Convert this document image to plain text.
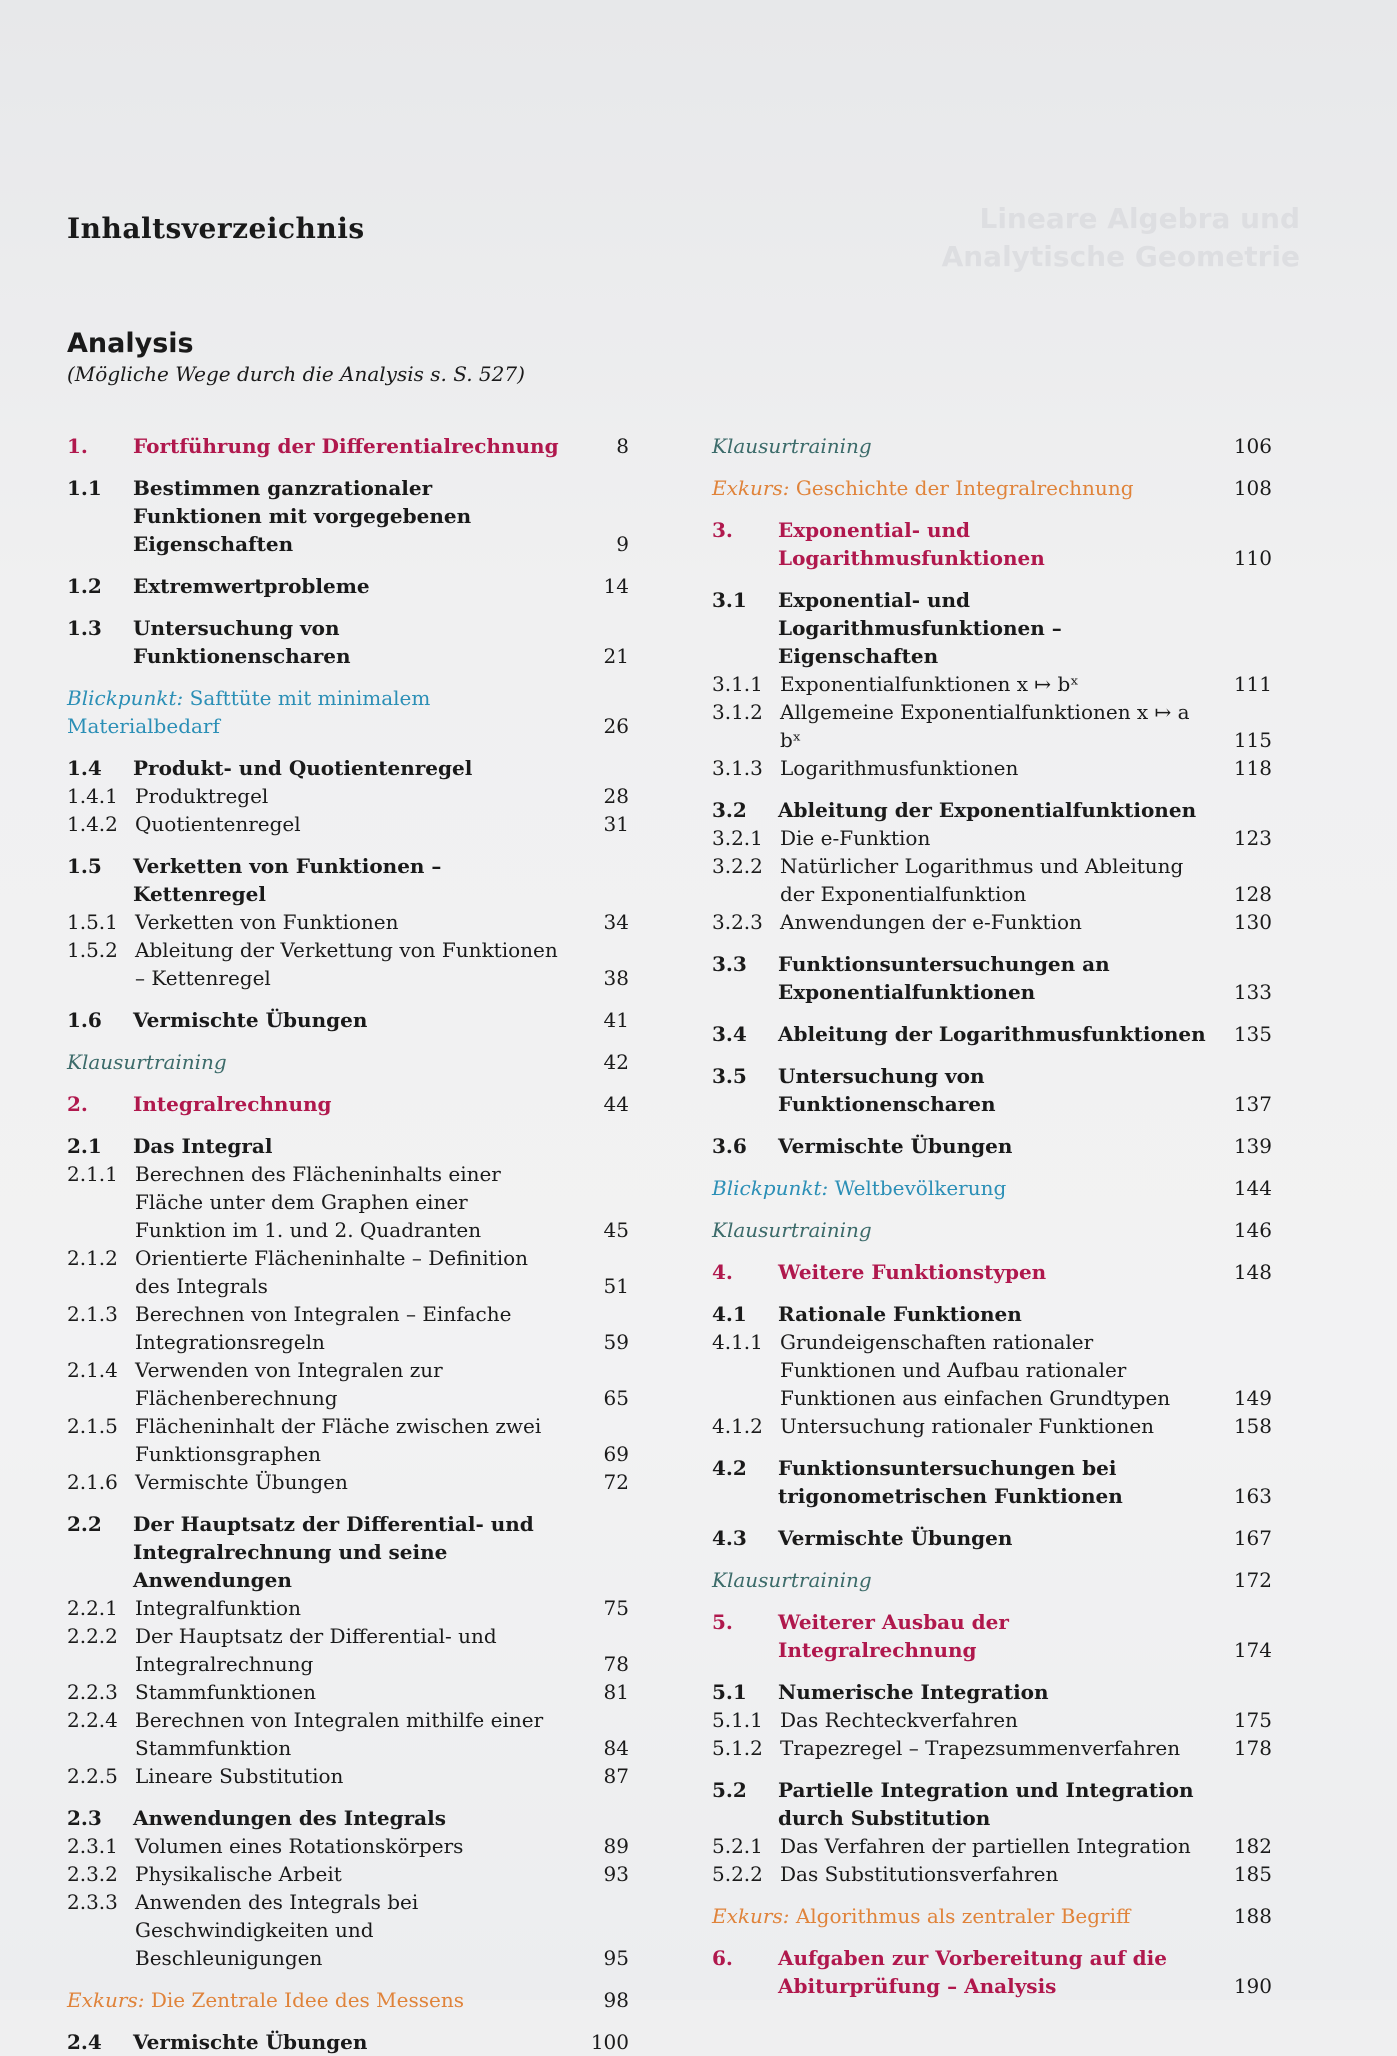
Lineare Algebra und
Analytische Geometrie
Inhaltsverzeichnis
Analysis
(Mögliche Wege durch die Analysis s. S. 527)
1.	Fortführung der Differentialrechnung	8
1.1	Bestimmen ganzrationaler Funktionen mit vorgegebenen Eigenschaften	9
1.2	Extremwertprobleme	14
1.3	Untersuchung von Funktionenscharen	21
Blickpunkt: Safttüte mit minimalem Materialbedarf	26
1.4	Produkt- und Quotientenregel
1.4.1 Produktregel	28
1.4.2 Quotientenregel	31
1.5	Verketten von Funktionen – Kettenregel
1.5.1 Verketten von Funktionen	34
1.5.2 Ableitung der Verkettung von Funktionen – Kettenregel	38
1.6	Vermischte Übungen	41
Klausurtraining	42
2.	Integralrechnung	44
2.1	Das Integral
2.1.1 Berechnen des Flächeninhalts einer Fläche unter dem Graphen einer Funktion im 1. und 2. Quadranten	45
2.1.2 Orientierte Flächeninhalte – Definition des Integrals	51
2.1.3 Berechnen von Integralen – Einfache Integrationsregeln	59
2.1.4 Verwenden von Integralen zur Flächenberechnung	65
2.1.5 Flächeninhalt der Fläche zwischen zwei Funktionsgraphen	69
2.1.6 Vermischte Übungen	72
2.2	Der Hauptsatz der Differential- und Integralrechnung und seine Anwendungen
2.2.1 Integralfunktion	75
2.2.2 Der Hauptsatz der Differential- und Integralrechnung	78
2.2.3 Stammfunktionen	81
2.2.4 Berechnen von Integralen mithilfe einer Stammfunktion	84
2.2.5 Lineare Substitution	87
2.3	Anwendungen des Integrals
2.3.1 Volumen eines Rotationskörpers	89
2.3.2 Physikalische Arbeit	93
2.3.3 Anwenden des Integrals bei Geschwindigkeiten und Beschleunigungen	95
Exkurs: Die Zentrale Idee des Messens	98
2.4	Vermischte Übungen	100
Klausurtraining	106
Exkurs: Geschichte der Integralrechnung	108
3.	Exponential- und Logarithmusfunktionen	110
3.1	Exponential- und Logarithmusfunktionen – Eigenschaften
3.1.1 Exponentialfunktionen x ↦ bˣ	111
3.1.2 Allgemeine Exponentialfunktionen x ↦ a bˣ	115
3.1.3 Logarithmusfunktionen	118
3.2	Ableitung der Exponentialfunktionen
3.2.1 Die e-Funktion	123
3.2.2 Natürlicher Logarithmus und Ableitung der Exponentialfunktion	128
3.2.3 Anwendungen der e-Funktion	130
3.3	Funktionsuntersuchungen an Exponentialfunktionen	133
3.4	Ableitung der Logarithmusfunktionen	135
3.5	Untersuchung von Funktionenscharen	137
3.6	Vermischte Übungen	139
Blickpunkt: Weltbevölkerung	144
Klausurtraining	146
4.	Weitere Funktionstypen	148
4.1	Rationale Funktionen
4.1.1 Grundeigenschaften rationaler Funktionen und Aufbau rationaler Funktionen aus einfachen Grundtypen	149
4.1.2 Untersuchung rationaler Funktionen	158
4.2	Funktionsuntersuchungen bei trigonometrischen Funktionen	163
4.3	Vermischte Übungen	167
Klausurtraining	172
5.	Weiterer Ausbau der Integralrechnung	174
5.1	Numerische Integration
5.1.1 Das Rechteckverfahren	175
5.1.2 Trapezregel – Trapezsummenverfahren	178
5.2	Partielle Integration und Integration durch Substitution
5.2.1 Das Verfahren der partiellen Integration	182
5.2.2 Das Substitutionsverfahren	185
Exkurs: Algorithmus als zentraler Begriff	188
6.	Aufgaben zur Vorbereitung auf die Abiturprüfung – Analysis	190
